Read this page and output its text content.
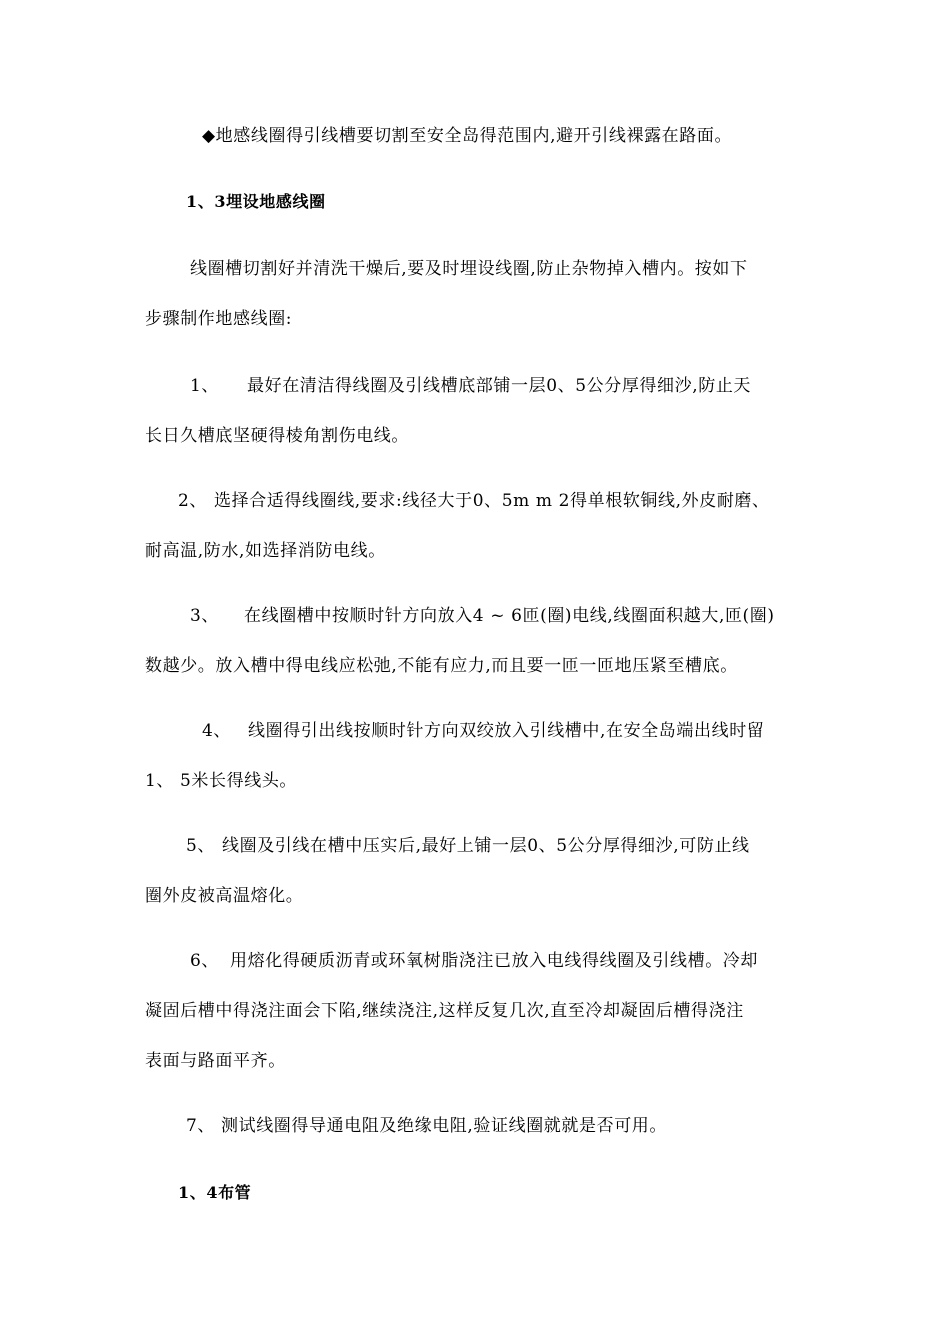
◆地感线圈得引线槽要切割至安全岛得范围内,避开引线裸露在路面。
1、3埋设地感线圈
线圈槽切割好并清洗干燥后,要及时埋设线圈,防止杂物掉入槽内。按如下
步骤制作地感线圈:
1、 最好在清洁得线圈及引线槽底部铺一层0、5公分厚得细沙,防止天
长日久槽底坚硬得棱角割伤电线。
2、 选择合适得线圈线,要求:线径大于0、5m m 2得单根软铜线,外皮耐磨、
耐高温,防水,如选择消防电线。
3、 在线圈槽中按顺时针方向放入4 ~ 6匝(圈)电线,线圈面积越大,匝(圈)
数越少。放入槽中得电线应松弛,不能有应力,而且要一匝一匝地压紧至槽底。
4、 线圈得引出线按顺时针方向双绞放入引线槽中,在安全岛端出线时留
1、 5米长得线头。
5、 线圈及引线在槽中压实后,最好上铺一层0、5公分厚得细沙,可防止线
圈外皮被高温熔化。
6、 用熔化得硬质沥青或环氧树脂浇注已放入电线得线圈及引线槽。冷却
凝固后槽中得浇注面会下陷,继续浇注,这样反复几次,直至冷却凝固后槽得浇注
表面与路面平齐。
7、 测试线圈得导通电阻及绝缘电阻,验证线圈就就是否可用。
1、4布管
